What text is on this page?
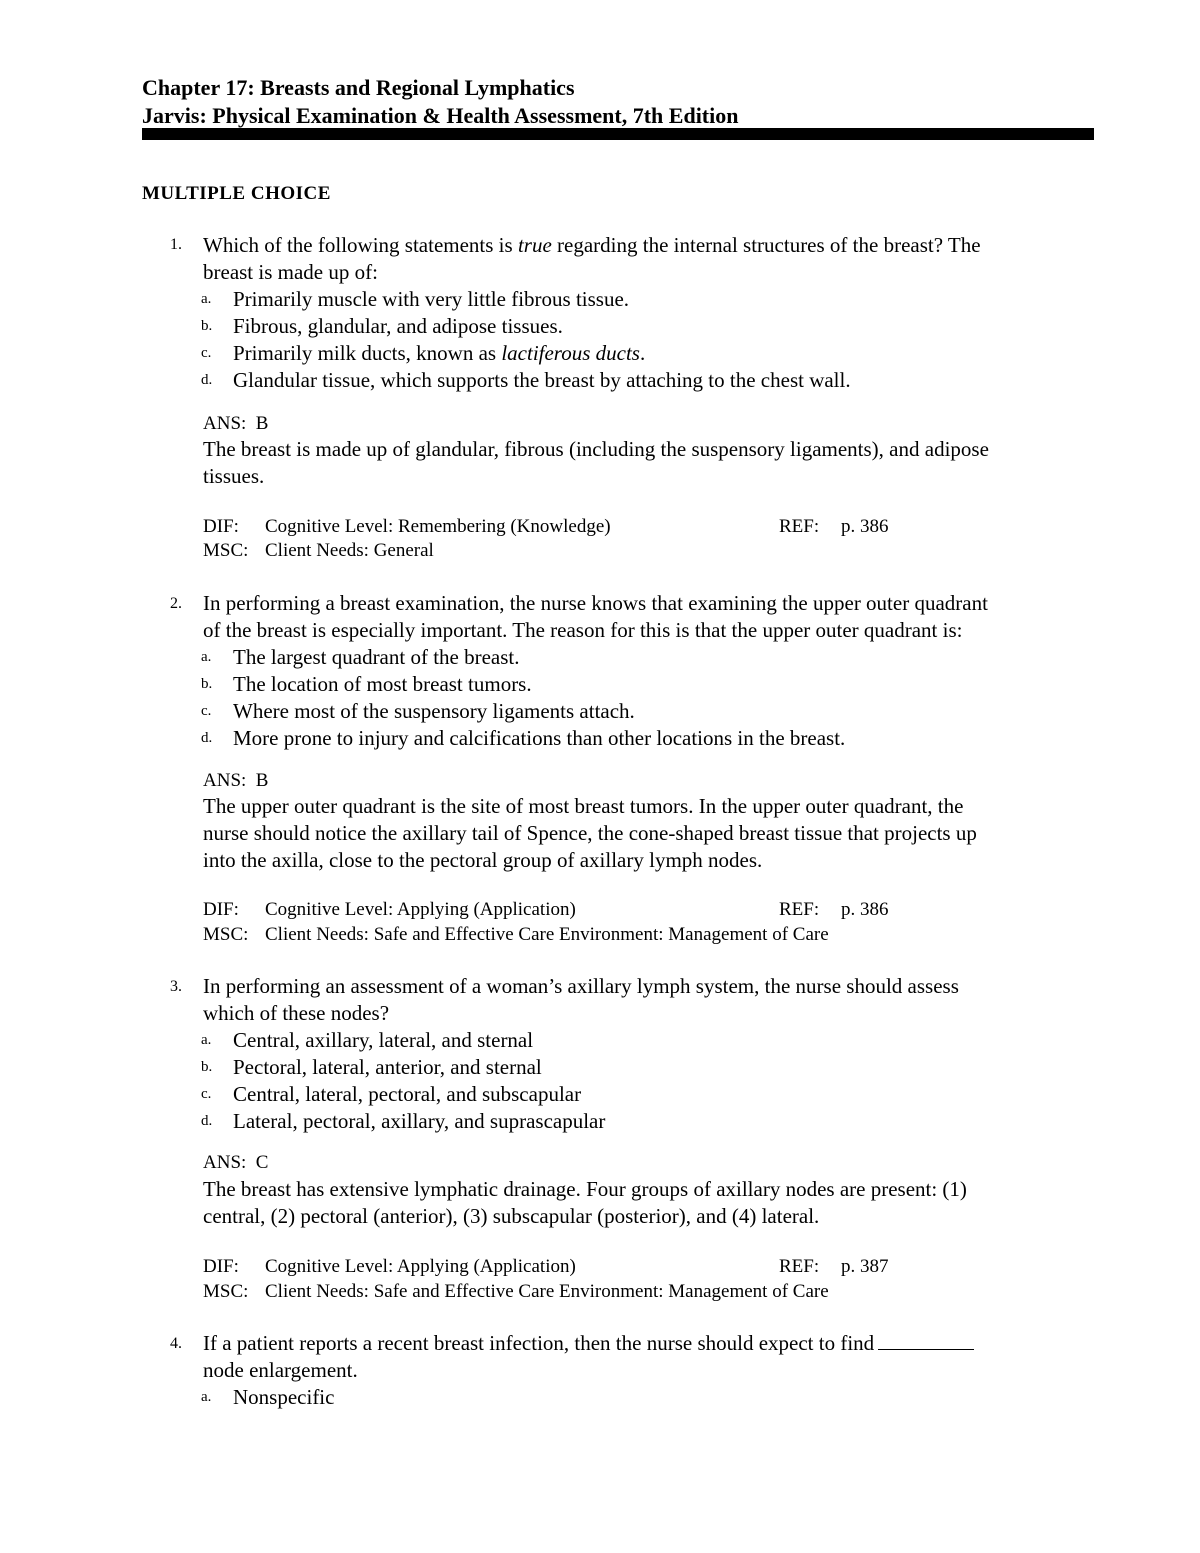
Chapter 17: Breasts and Regional Lymphatics
Jarvis: Physical Examination & Health Assessment, 7th Edition
MULTIPLE CHOICE
1. Which of the following statements is true regarding the internal structures of the breast? The
breast is made up of:
a. Primarily muscle with very little fibrous tissue.
b. Fibrous, glandular, and adipose tissues.
c. Primarily milk ducts, known as lactiferous ducts.
d. Glandular tissue, which supports the breast by attaching to the chest wall.
ANS: B
The breast is made up of glandular, fibrous (including the suspensory ligaments), and adipose
tissues.
DIF: Cognitive Level: Remembering (Knowledge)	REF: p. 386
MSC: Client Needs: General
2. In performing a breast examination, the nurse knows that examining the upper outer quadrant
of the breast is especially important. The reason for this is that the upper outer quadrant is:
a. The largest quadrant of the breast.
b. The location of most breast tumors.
c. Where most of the suspensory ligaments attach.
d. More prone to injury and calcifications than other locations in the breast.
ANS: B
The upper outer quadrant is the site of most breast tumors. In the upper outer quadrant, the
nurse should notice the axillary tail of Spence, the cone-shaped breast tissue that projects up
into the axilla, close to the pectoral group of axillary lymph nodes.
DIF: Cognitive Level: Applying (Application)	REF: p. 386
MSC: Client Needs: Safe and Effective Care Environment: Management of Care
3. In performing an assessment of a woman’s axillary lymph system, the nurse should assess
which of these nodes?
a. Central, axillary, lateral, and sternal
b. Pectoral, lateral, anterior, and sternal
c. Central, lateral, pectoral, and subscapular
d. Lateral, pectoral, axillary, and suprascapular
ANS: C
The breast has extensive lymphatic drainage. Four groups of axillary nodes are present: (1)
central, (2) pectoral (anterior), (3) subscapular (posterior), and (4) lateral.
DIF: Cognitive Level: Applying (Application)	REF: p. 387
MSC: Client Needs: Safe and Effective Care Environment: Management of Care
4. If a patient reports a recent breast infection, then the nurse should expect to find
node enlargement.
a. Nonspecific
